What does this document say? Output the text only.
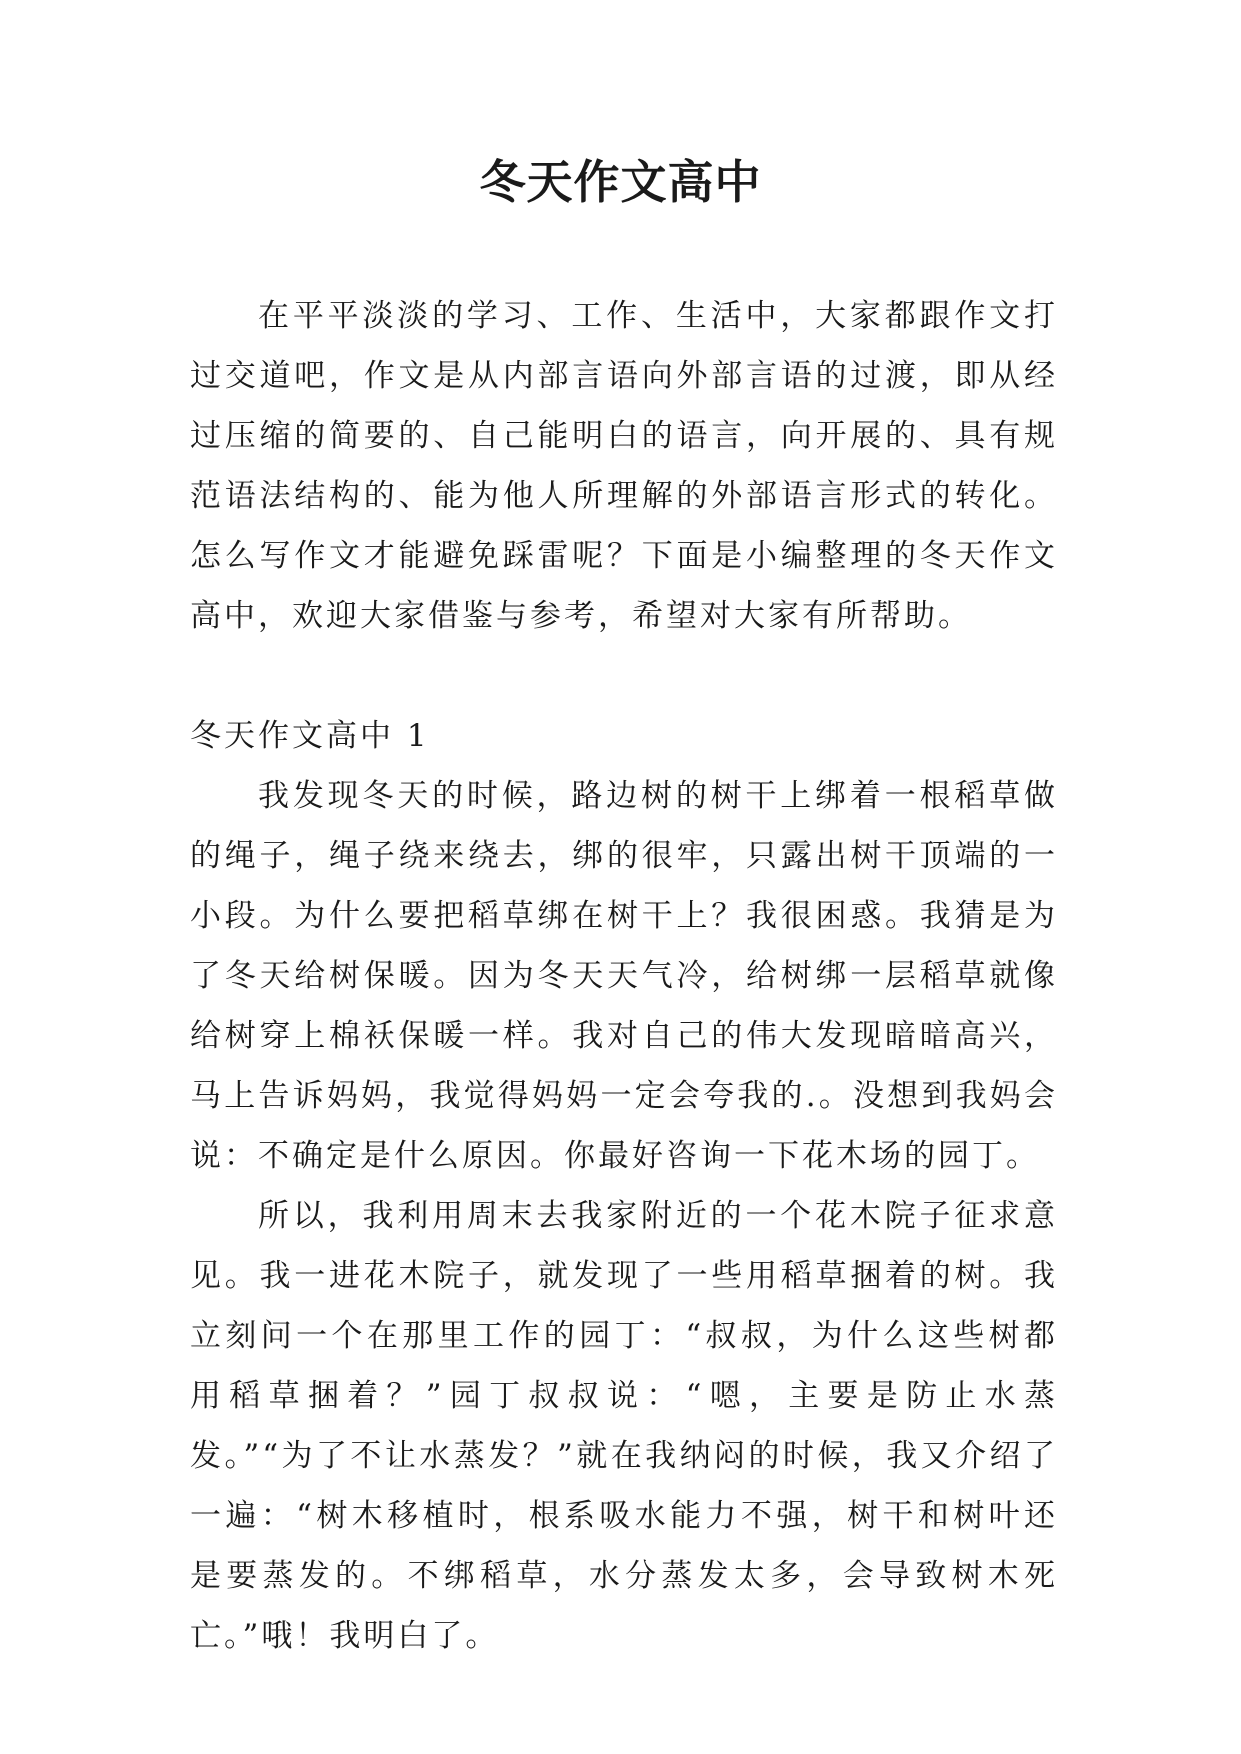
冬天作文高中

在平平淡淡的学习、工作、生活中，大家都跟作文打过交道吧，作文是从内部言语向外部言语的过渡，即从经过压缩的简要的、自己能明白的语言，向开展的、具有规范语法结构的、能为他人所理解的外部语言形式的转化。怎么写作文才能避免踩雷呢？下面是小编整理的冬天作文高中，欢迎大家借鉴与参考，希望对大家有所帮助。

冬天作文高中 1

我发现冬天的时候，路边树的树干上绑着一根稻草做的绳子，绳子绕来绕去，绑的很牢，只露出树干顶端的一小段。为什么要把稻草绑在树干上？我很困惑。我猜是为了冬天给树保暖。因为冬天天气冷，给树绑一层稻草就像给树穿上棉袄保暖一样。我对自己的伟大发现暗暗高兴，马上告诉妈妈，我觉得妈妈一定会夸我的.。没想到我妈会说：不确定是什么原因。你最好咨询一下花木场的园丁。

所以，我利用周末去我家附近的一个花木院子征求意见。我一进花木院子，就发现了一些用稻草捆着的树。我立刻问一个在那里工作的园丁：“叔叔，为什么这些树都用稻草捆着？”园丁叔叔说：“嗯，主要是防止水蒸发。”“为了不让水蒸发？”就在我纳闷的时候，我又介绍了一遍：“树木移植时，根系吸水能力不强，树干和树叶还是要蒸发的。不绑稻草，水分蒸发太多，会导致树木死亡。”哦！我明白了。
